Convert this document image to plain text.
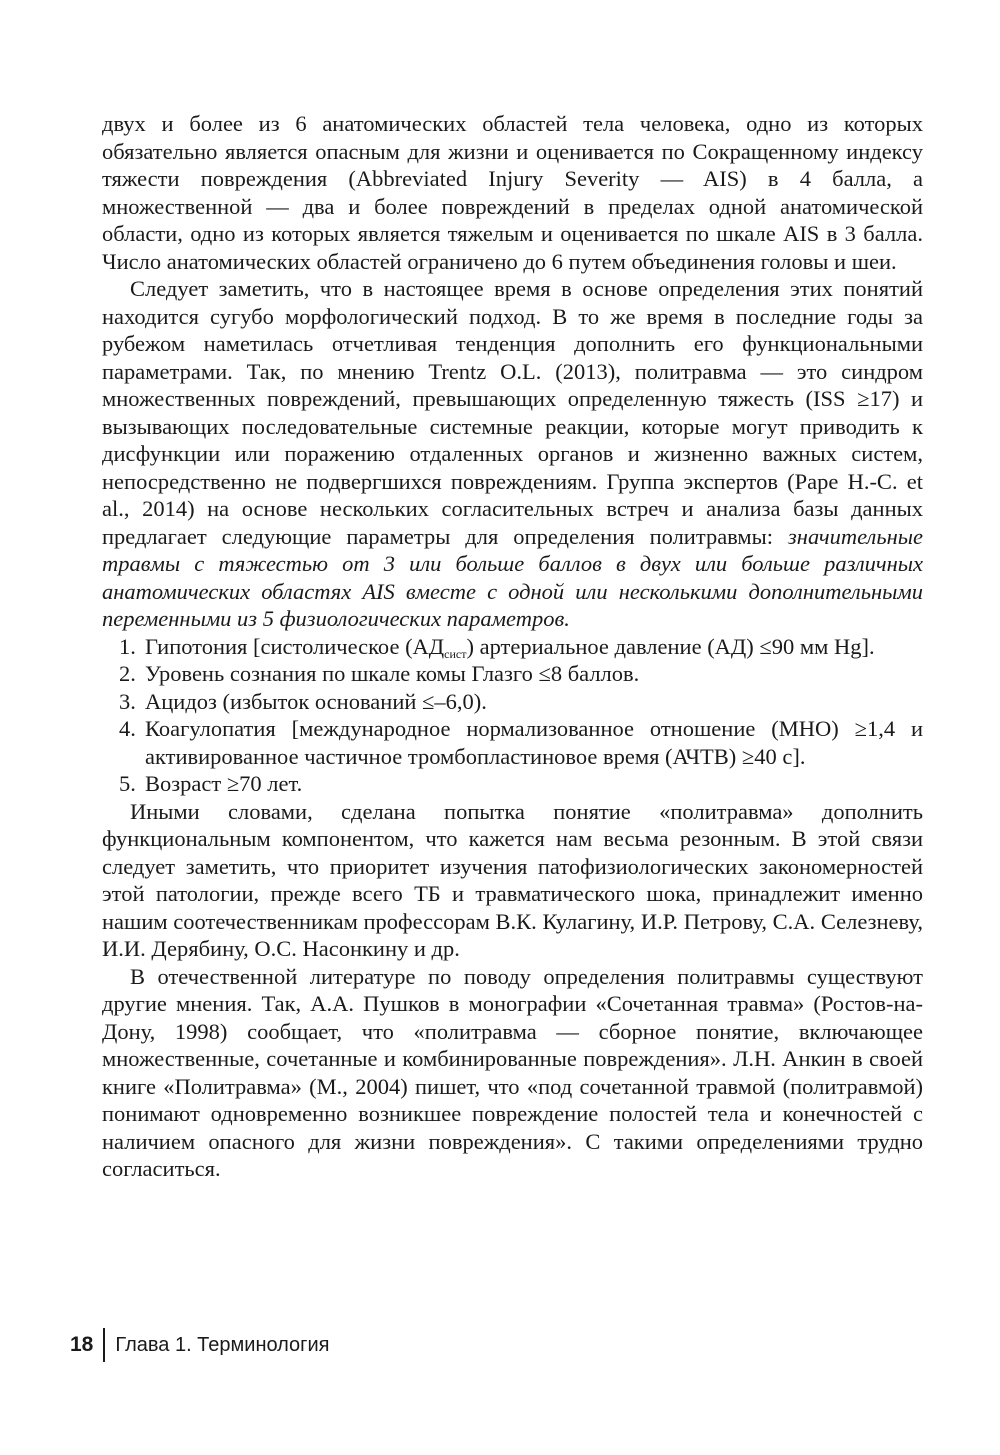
двух и более из 6 анатомических областей тела человека, одно из которых обязательно является опасным для жизни и оценивается по Сокращенному индексу тяжести повреждения (Abbreviated Injury Severity — AIS) в 4 балла, а множественной — два и более повреждений в пределах одной анатомической области, одно из которых является тяжелым и оценивается по шкале AIS в 3 балла. Число анатомических областей ограничено до 6 путем объединения головы и шеи.

Следует заметить, что в настоящее время в основе определения этих понятий находится сугубо морфологический подход. В то же время в последние годы за рубежом наметилась отчетливая тенденция дополнить его функциональными параметрами. Так, по мнению Trentz O.L. (2013), политравма — это синдром множественных повреждений, превышающих определенную тяжесть (ISS ≥17) и вызывающих последовательные системные реакции, которые могут приводить к дисфункции или поражению отдаленных органов и жизненно важных систем, непосредственно не подвергшихся повреждениям. Группа экспертов (Pape H.-C. et al., 2014) на основе нескольких согласительных встреч и анализа базы данных предлагает следующие параметры для определения политравмы: значительные травмы с тяжестью от 3 или больше баллов в двух или больше различных анатомических областях AIS вместе с одной или несколькими дополнительными переменными из 5 физиологических параметров.

1. Гипотония [систолическое $(АД_{сист})$ артериальное давление (АД) ≤90 мм Hg].
2. Уровень сознания по шкале комы Глазго ≤8 баллов.
3. Ацидоз (избыток оснований ≤–6,0).
4. Коагулопатия [международное нормализованное отношение (МНО) ≥1,4 и активированное частичное тромбопластиновое время (АЧТВ) ≥40 с].
5. Возраст ≥70 лет.

Иными словами, сделана попытка понятие «политравма» дополнить функциональным компонентом, что кажется нам весьма резонным. В этой связи следует заметить, что приоритет изучения патофизиологических закономерностей этой патологии, прежде всего ТБ и травматического шока, принадлежит именно нашим соотечественникам профессорам В.К. Кулагину, И.Р. Петрову, С.А. Селезневу, И.И. Дерябину, О.С. Насонкину и др.

В отечественной литературе по поводу определения политравмы существуют другие мнения. Так, А.А. Пушков в монографии «Сочетанная травма» (Ростов-на-Дону, 1998) сообщает, что «политравма — сборное понятие, включающее множественные, сочетанные и комбинированные повреждения». Л.Н. Анкин в своей книге «Политравма» (М., 2004) пишет, что «под сочетанной травмой (политравмой) понимают одновременно возникшее повреждение полостей тела и конечностей с наличием опасного для жизни повреждения». С такими определениями трудно согласиться.

18 Глава 1. Терминология
